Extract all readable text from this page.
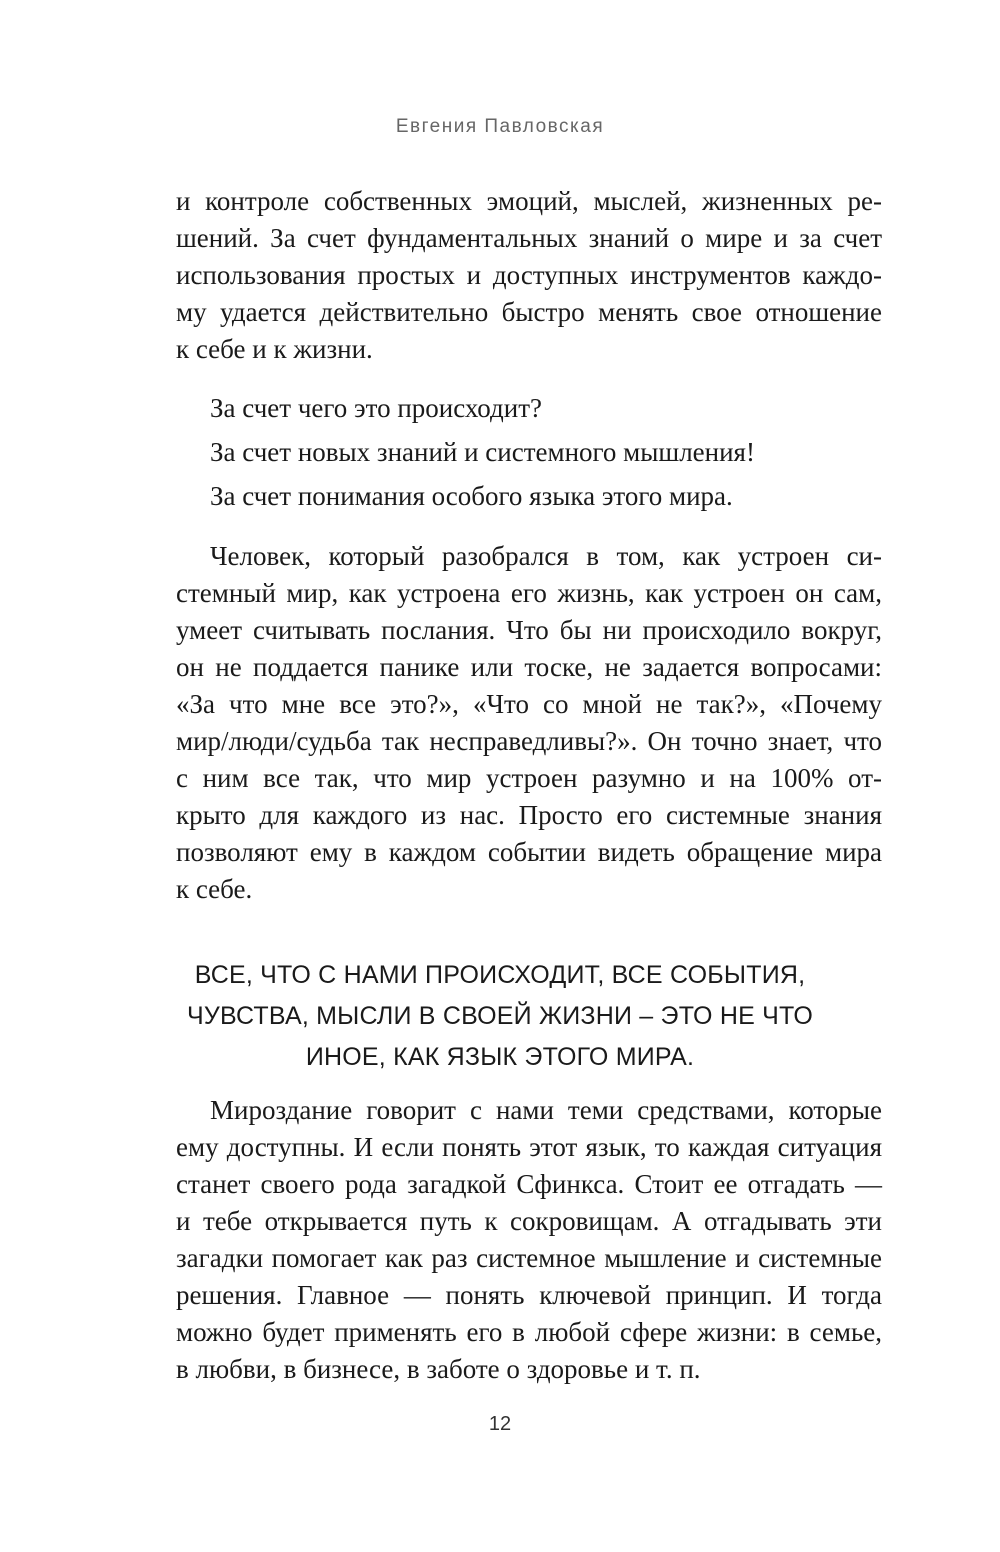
Евгения Павловская
и контроле собственных эмоций, мыслей, жизненных ре-
шений. За счет фундаментальных знаний о мире и за счет
использования простых и доступных инструментов каждо-
му удается действительно быстро менять свое отношение
к себе и к жизни.
За счет чего это происходит?
За счет новых знаний и системного мышления!
За счет понимания особого языка этого мира.
Человек, который разобрался в том, как устроен си-
стемный мир, как устроена его жизнь, как устроен он сам,
умеет считывать послания. Что бы ни происходило вокруг,
он не поддается панике или тоске, не задается вопросами:
«За что мне все это?», «Что со мной не так?», «Почему
мир/люди/судьба так несправедливы?». Он точно знает, что
с ним все так, что мир устроен разумно и на 100% от-
крыто для каждого из нас. Просто его системные знания
позволяют ему в каждом событии видеть обращение мира
к себе.
ВСЕ, ЧТО С НАМИ ПРОИСХОДИТ, ВСЕ СОБЫТИЯ,
ЧУВСТВА, МЫСЛИ В СВОЕЙ ЖИЗНИ – ЭТО НЕ ЧТО
ИНОЕ, КАК ЯЗЫК ЭТОГО МИРА.
Мироздание говорит с нами теми средствами, которые
ему доступны. И если понять этот язык, то каждая ситуация
станет своего рода загадкой Сфинкса. Стоит ее отгадать —
и тебе открывается путь к сокровищам. А отгадывать эти
загадки помогает как раз системное мышление и системные
решения. Главное — понять ключевой принцип. И тогда
можно будет применять его в любой сфере жизни: в семье,
в любви, в бизнесе, в заботе о здоровье и т. п.
12
